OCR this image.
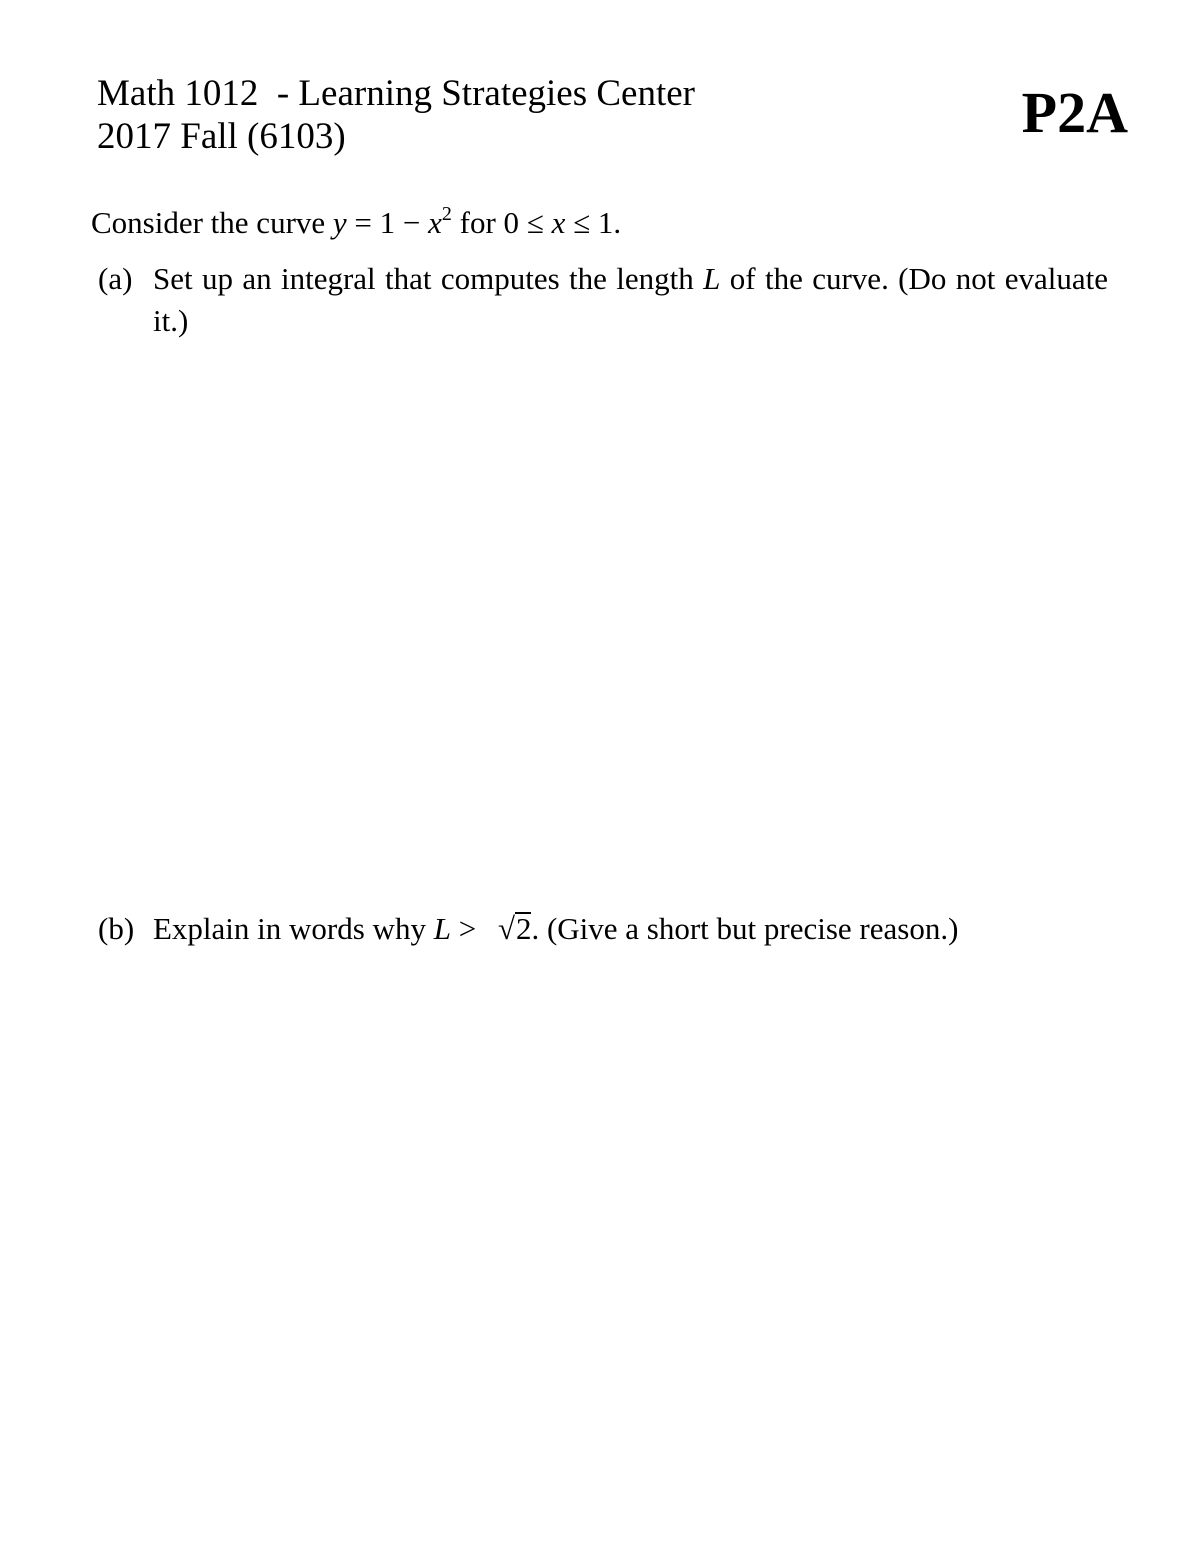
Math 1012  - Learning Strategies Center
2017 Fall (6103)	P2A
Consider the curve $y = 1 - x^2$ for 0 ≤ x ≤ 1.
(a) Set up an integral that computes the length L of the curve. (Do not evaluate it.)
(b) Explain in words why L > √2. (Give a short but precise reason.)
